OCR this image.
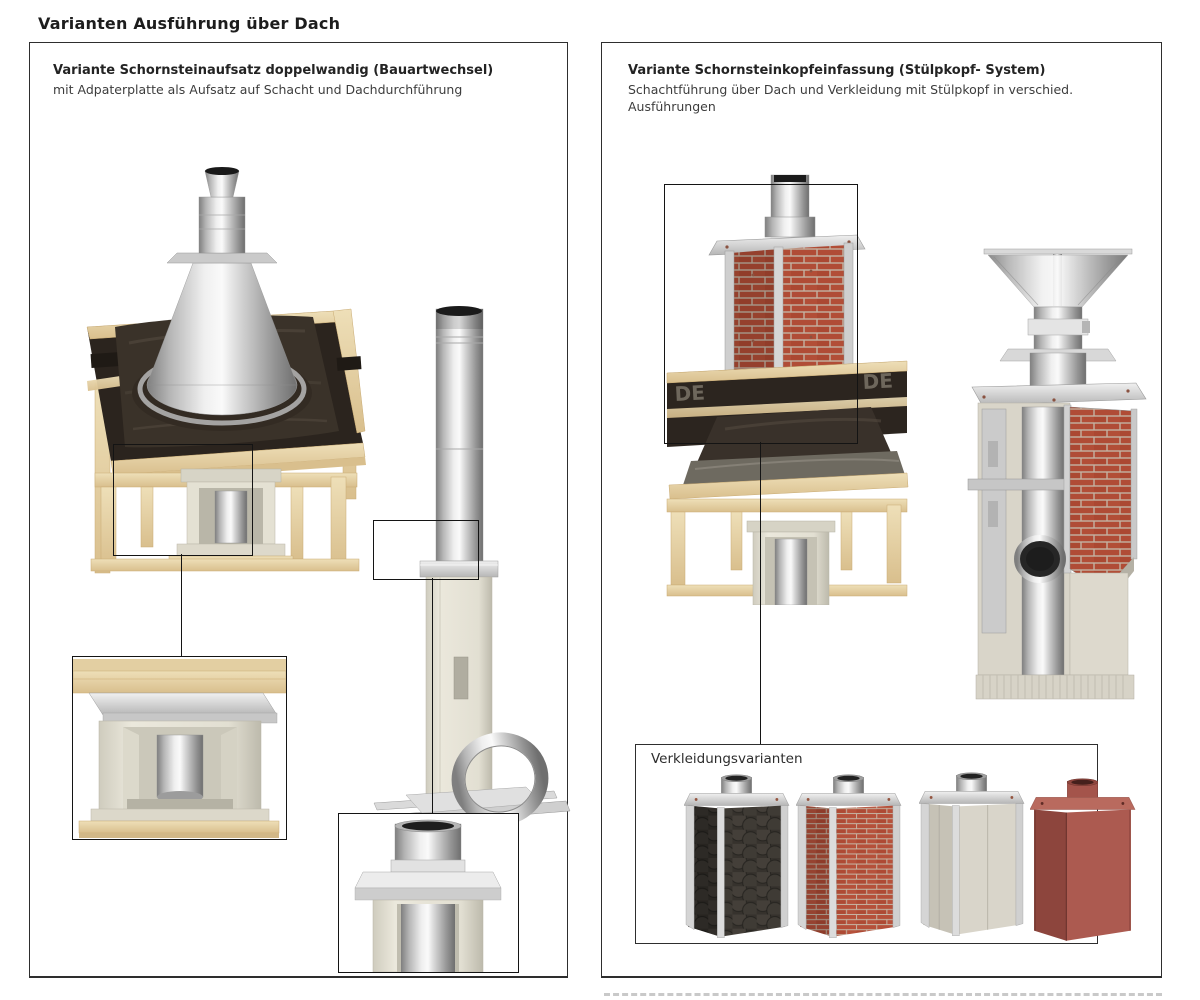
Varianten Ausführung über Dach
Variante Schornsteinaufsatz doppelwandig (Bauartwechsel)
mit Adpaterplatte als Aufsatz auf Schacht und Dachdurchführung
Variante Schornsteinkopfeinfassung (Stülpkopf- System)
Schachtführung über Dach und Verkleidung mit Stülpkopf in verschied.
Ausführungen
DE	DE
Verkleidungsvarianten
